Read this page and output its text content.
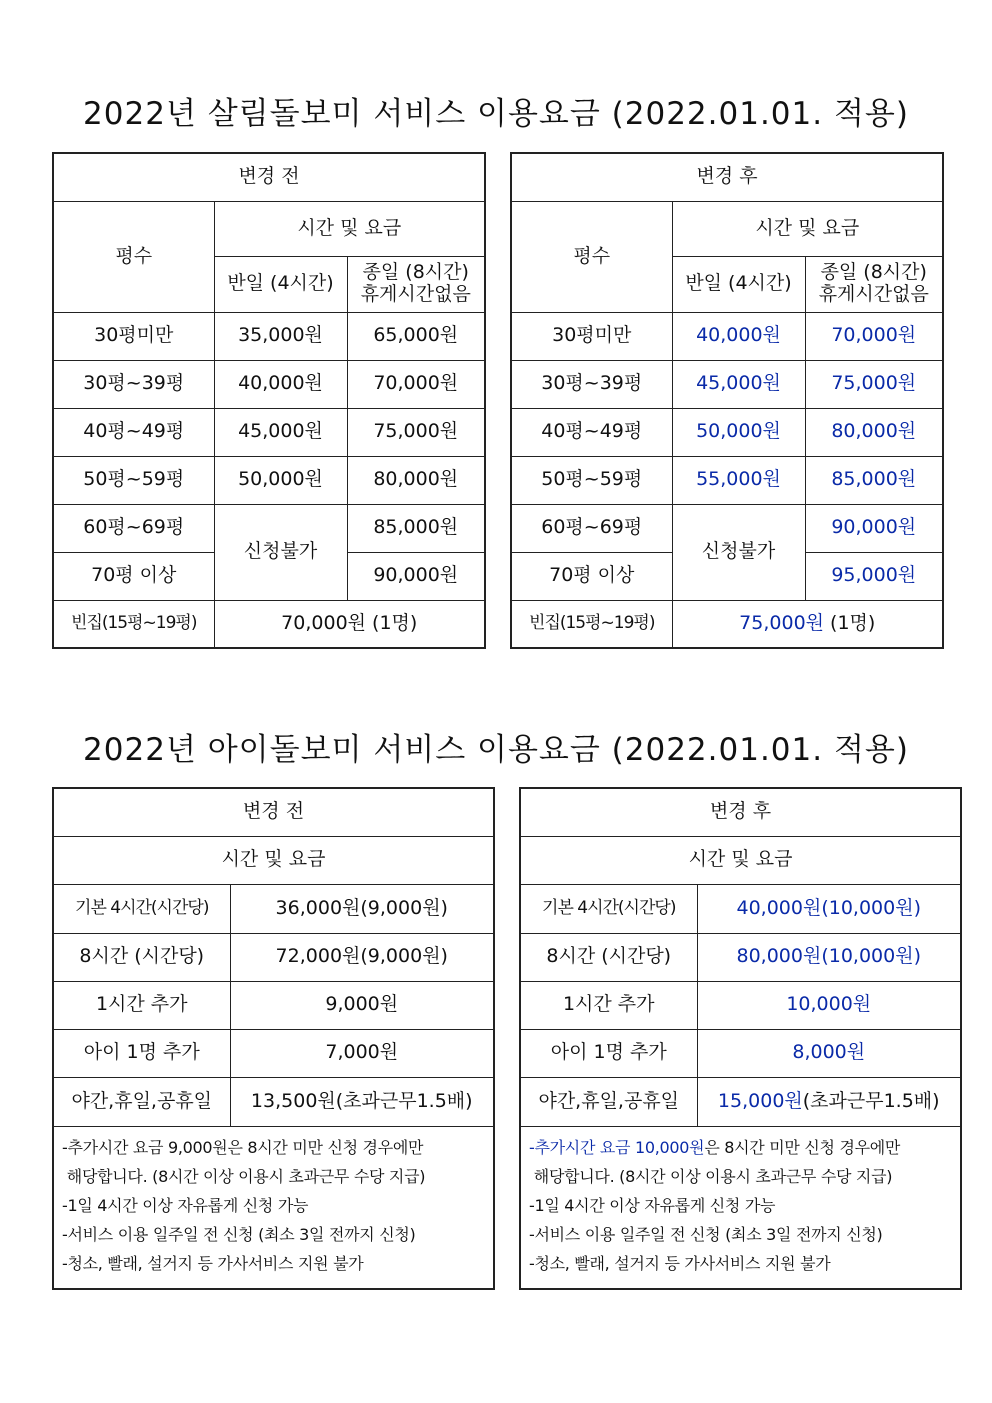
2022년 살림돌보미 서비스 이용요금 (2022.01.01. 적용)
변경 전		
평수	시간 및 요금	
	반일 (4시간)	종일 (8시간)
휴게시간없음
30평미만	35,000원	65,000원
30평~39평	40,000원	70,000원
40평~49평	45,000원	75,000원
50평~59평	50,000원	80,000원
60평~69평	신청불가	85,000원
70평 이상		90,000원
빈집(15평~19평)	70,000원 (1명)	
변경 후		
평수	시간 및 요금	
	반일 (4시간)	종일 (8시간)
휴게시간없음
30평미만	40,000원	70,000원
30평~39평	45,000원	75,000원
40평~49평	50,000원	80,000원
50평~59평	55,000원	85,000원
60평~69평	신청불가	90,000원
70평 이상		95,000원
빈집(15평~19평)	75,000원 (1명)	
2022년 아이돌보미 서비스 이용요금 (2022.01.01. 적용)
변경 전	
시간 및 요금	
기본 4시간(시간당)	36,000원(9,000원)
8시간 (시간당)	72,000원(9,000원)
1시간 추가	9,000원
아이 1명 추가	7,000원
야간,휴일,공휴일	13,500원(초과근무1.5배)

-추가시간 요금 9,000원은 8시간 미만 신청 경우에만
해당합니다. (8시간 이상 이용시 초과근무 수당 지급)
-1일 4시간 이상 자유롭게 신청 가능
-서비스 이용 일주일 전 신청 (최소 3일 전까지 신청)
-청소, 빨래, 설거지 등 가사서비스 지원 불가	
변경 후	
시간 및 요금	
기본 4시간(시간당)	40,000원(10,000원)
8시간 (시간당)	80,000원(10,000원)
1시간 추가	10,000원
아이 1명 추가	8,000원
야간,휴일,공휴일	15,000원(초과근무1.5배)

-추가시간 요금 10,000원은 8시간 미만 신청 경우에만
해당합니다. (8시간 이상 이용시 초과근무 수당 지급)
-1일 4시간 이상 자유롭게 신청 가능
-서비스 이용 일주일 전 신청 (최소 3일 전까지 신청)
-청소, 빨래, 설거지 등 가사서비스 지원 불가	
